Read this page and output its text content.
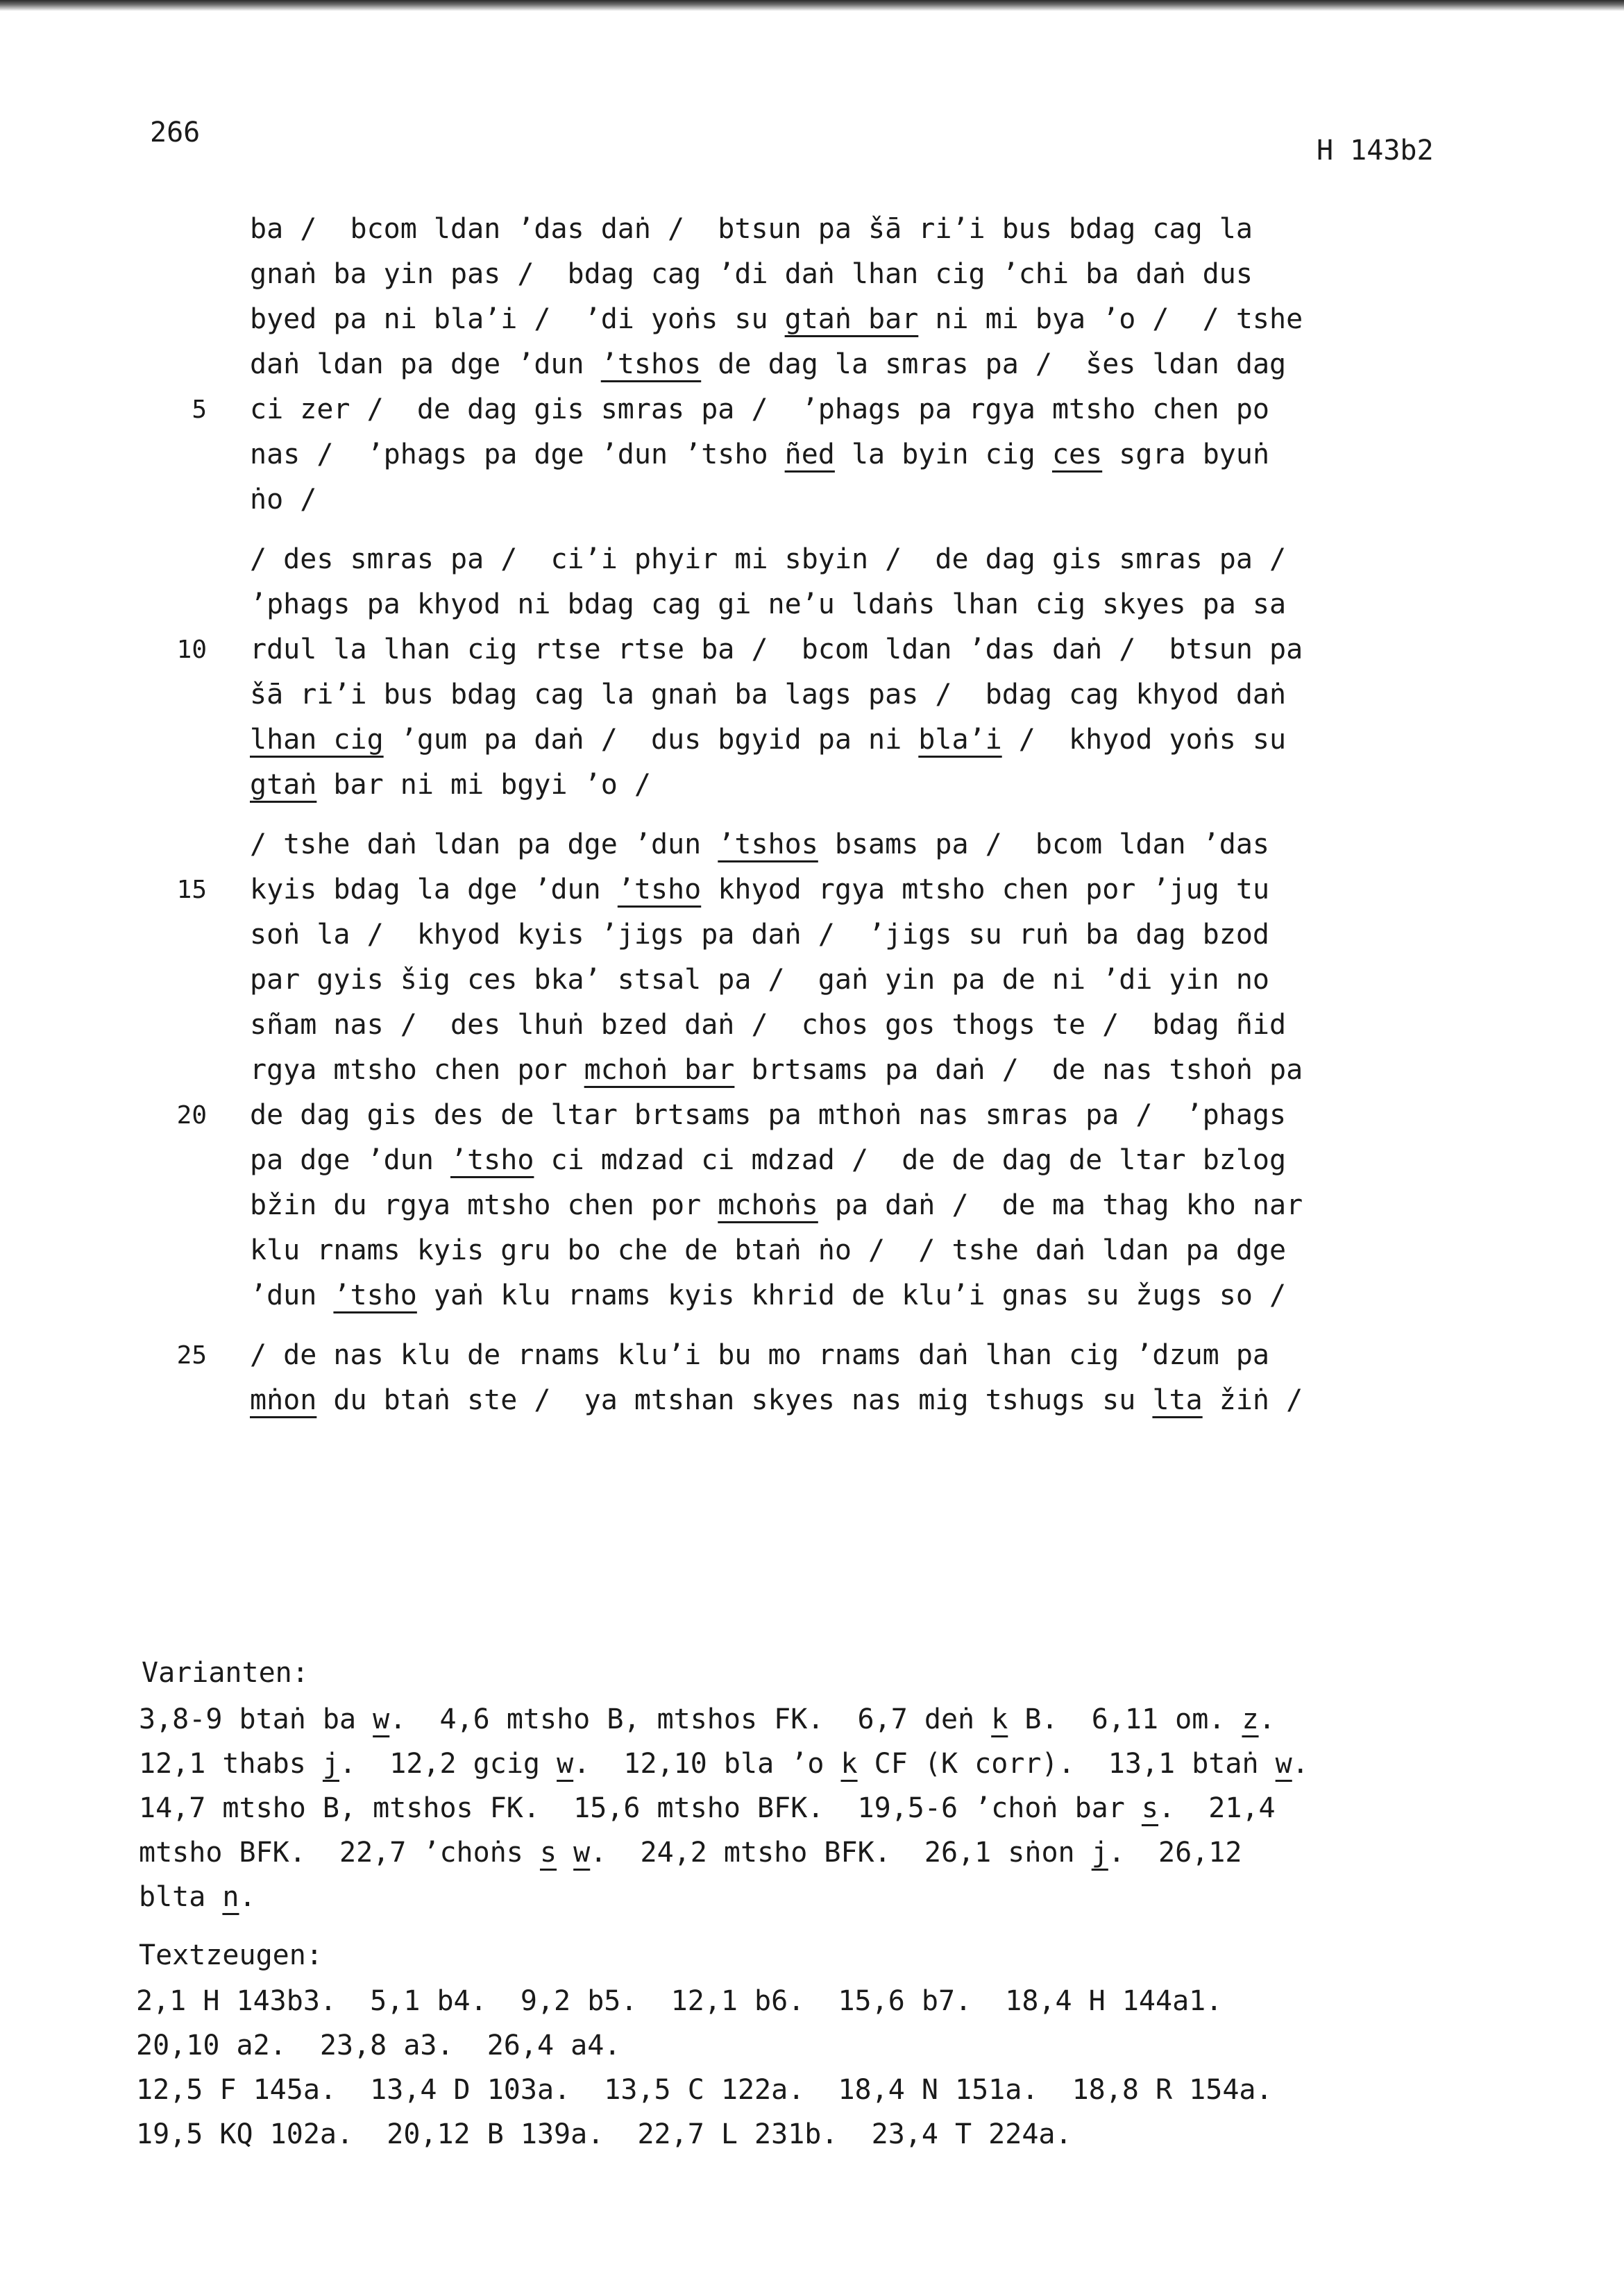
266
H 143b2
ba /  bcom ldan ’das daṅ /  btsun pa šā ri’i bus bdag cag la
gnaṅ ba yin pas /  bdag cag ’di daṅ lhan cig ’chi ba daṅ dus
byed pa ni bla’i /  ’di yoṅs su gtaṅ bar ni mi bya ’o /  / tshe
daṅ ldan pa dge ’dun ’tshos de dag la smras pa /  šes ldan dag
5 ci zer /  de dag gis smras pa /  ’phags pa rgya mtsho chen po
nas /  ’phags pa dge ’dun ’tsho ñed la byin cig ces sgra byuṅ
ṅo /
/ des smras pa /  ci’i phyir mi sbyin /  de dag gis smras pa /
’phags pa khyod ni bdag cag gi ne’u ldaṅs lhan cig skyes pa sa
10 rdul la lhan cig rtse rtse ba /  bcom ldan ’das daṅ /  btsun pa
šā ri’i bus bdag cag la gnaṅ ba lags pas /  bdag cag khyod daṅ
lhan cig ’gum pa daṅ /  dus bgyid pa ni bla’i /  khyod yoṅs su
gtaṅ bar ni mi bgyi ’o /
/ tshe daṅ ldan pa dge ’dun ’tshos bsams pa /  bcom ldan ’das
15 kyis bdag la dge ’dun ’tsho khyod rgya mtsho chen por ’jug tu
soṅ la /  khyod kyis ’jigs pa daṅ /  ’jigs su ruṅ ba dag bzod
par gyis šig ces bka’ stsal pa /  gaṅ yin pa de ni ’di yin no
sñam nas /  des lhuṅ bzed daṅ /  chos gos thogs te /  bdag ñid
rgya mtsho chen por mchoṅ bar brtsams pa daṅ /  de nas tshoṅ pa
20 de dag gis des de ltar brtsams pa mthoṅ nas smras pa /  ’phags
pa dge ’dun ’tsho ci mdzad ci mdzad /  de de dag de ltar bzlog
bžin du rgya mtsho chen por mchoṅs pa daṅ /  de ma thag kho nar
klu rnams kyis gru bo che de btaṅ ṅo /  / tshe daṅ ldan pa dge
’dun ’tsho yaṅ klu rnams kyis khrid de klu’i gnas su žugs so /
25 / de nas klu de rnams klu’i bu mo rnams daṅ lhan cig ’dzum pa
mṅon du btaṅ ste /  ya mtshan skyes nas mig tshugs su lta žiṅ /
Varianten:
3,8-9 btaṅ ba w.  4,6 mtsho B, mtshos FK.  6,7 deṅ k B.  6,11 om. z.
12,1 thabs j.  12,2 gcig w.  12,10 bla ’o k CF (K corr).  13,1 btaṅ w.
14,7 mtsho B, mtshos FK.  15,6 mtsho BFK.  19,5-6 ’choṅ bar s.  21,4
mtsho BFK.  22,7 ’choṅs s w.  24,2 mtsho BFK.  26,1 sṅon j.  26,12
blta n.
Textzeugen:
2,1 H 143b3.  5,1 b4.  9,2 b5.  12,1 b6.  15,6 b7.  18,4 H 144a1.
20,10 a2.  23,8 a3.  26,4 a4.
12,5 F 145a.  13,4 D 103a.  13,5 C 122a.  18,4 N 151a.  18,8 R 154a.
19,5 KQ 102a.  20,12 B 139a.  22,7 L 231b.  23,4 T 224a.
